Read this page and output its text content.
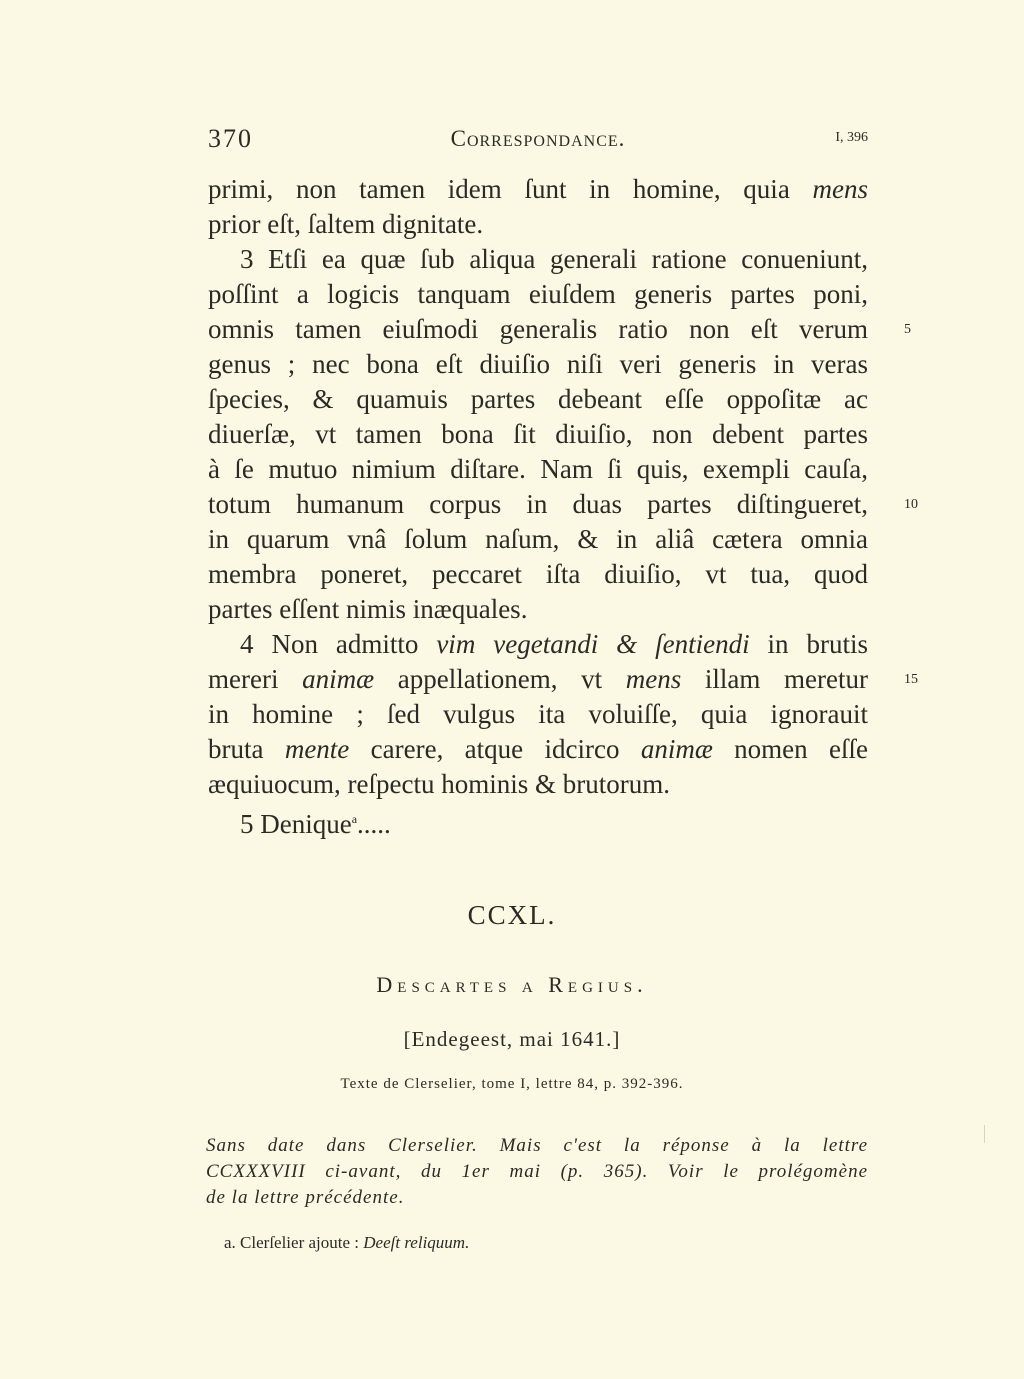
370	Correspondance.	I, 396
primi, non tamen idem ſunt in homine, quia mens
prior eſt, ſaltem dignitate.
3 Etſi ea quæ ſub aliqua generali ratione conueniunt,
poſſint a logicis tanquam eiuſdem generis partes poni,
omnis tamen eiuſmodi generalis ratio non eſt verum	5
genus ; nec bona eſt diuiſio niſi veri generis in veras
ſpecies, & quamuis partes debeant eſſe oppoſitæ ac
diuerſæ, vt tamen bona ſit diuiſio, non debent partes
à ſe mutuo nimium diſtare. Nam ſi quis, exempli cauſa,
totum humanum corpus in duas partes diſtingueret,	10
in quarum vnâ ſolum naſum, & in aliâ cætera omnia
membra poneret, peccaret iſta diuiſio, vt tua, quod
partes eſſent nimis inæquales.
4 Non admitto vim vegetandi & ſentiendi in brutis
mereri animæ appellationem, vt mens illam meretur	15
in homine ; ſed vulgus ita voluiſſe, quia ignorauit
bruta mente carere, atque idcirco animæ nomen eſſe
æquiuocum, reſpectu hominis & brutorum.
5 Denique$^a$.....
CCXL.
Descartes a Regius.
[Endegeest, mai 1641.]
Texte de Clerselier, tome I, lettre 84, p. 392-396.
Sans date dans Clerselier. Mais c'est la réponse à la lettre
CCXXXVIII ci-avant, du 1er mai (p. 365). Voir le prolégomène
de la lettre précédente.
a. Clerſelier ajoute : Deeſt reliquum.
